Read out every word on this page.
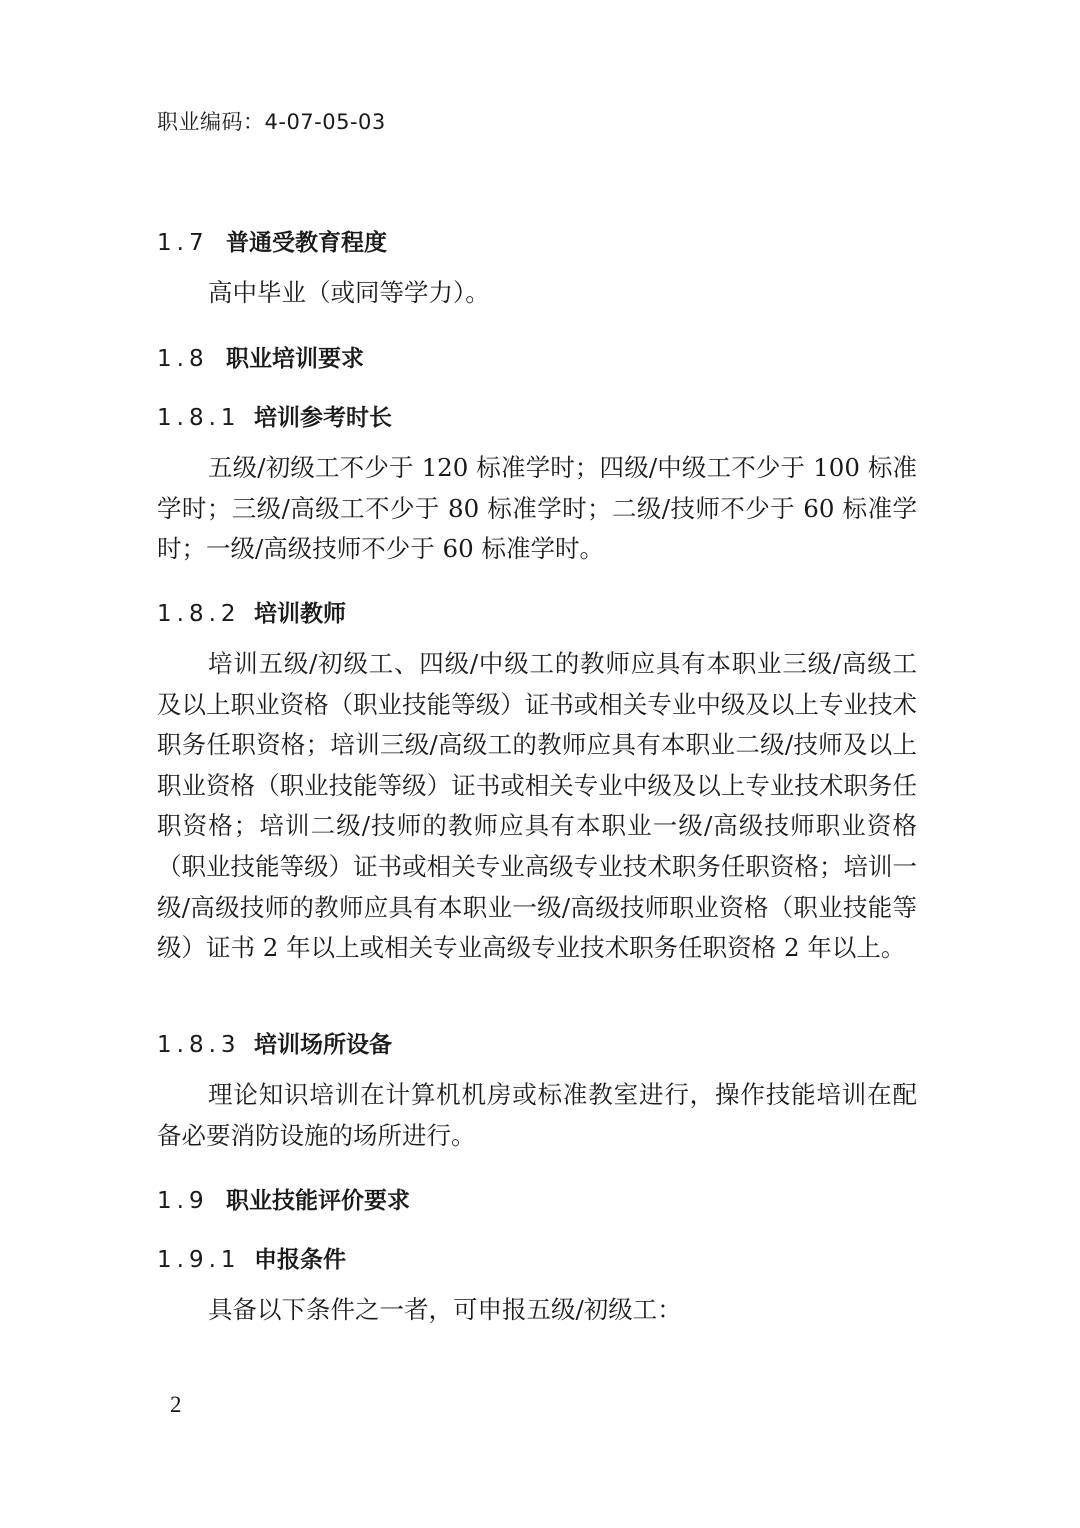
职业编码：4-07-05-03
1.7 普通受教育程度

高中毕业（或同等学力）。

1.8 职业培训要求
1.8.1 培训参考时长

五级/初级工不少于 120 标准学时；四级/中级工不少于 100 标准学时；三级/高级工不少于 80 标准学时；二级/技师不少于 60 标准学时；一级/高级技师不少于 60 标准学时。

1.8.2 培训教师

培训五级/初级工、四级/中级工的教师应具有本职业三级/高级工及以上职业资格（职业技能等级）证书或相关专业中级及以上专业技术职务任职资格；培训三级/高级工的教师应具有本职业二级/技师及以上职业资格（职业技能等级）证书或相关专业中级及以上专业技术职务任职资格；培训二级/技师的教师应具有本职业一级/高级技师职业资格（职业技能等级）证书或相关专业高级专业技术职务任职资格；培训一级/高级技师的教师应具有本职业一级/高级技师职业资格（职业技能等级）证书 2 年以上或相关专业高级专业技术职务任职资格 2 年以上。

1.8.3 培训场所设备

理论知识培训在计算机机房或标准教室进行，操作技能培训在配备必要消防设施的场所进行。

1.9 职业技能评价要求
1.9.1 申报条件

具备以下条件之一者，可申报五级/初级工：

2
